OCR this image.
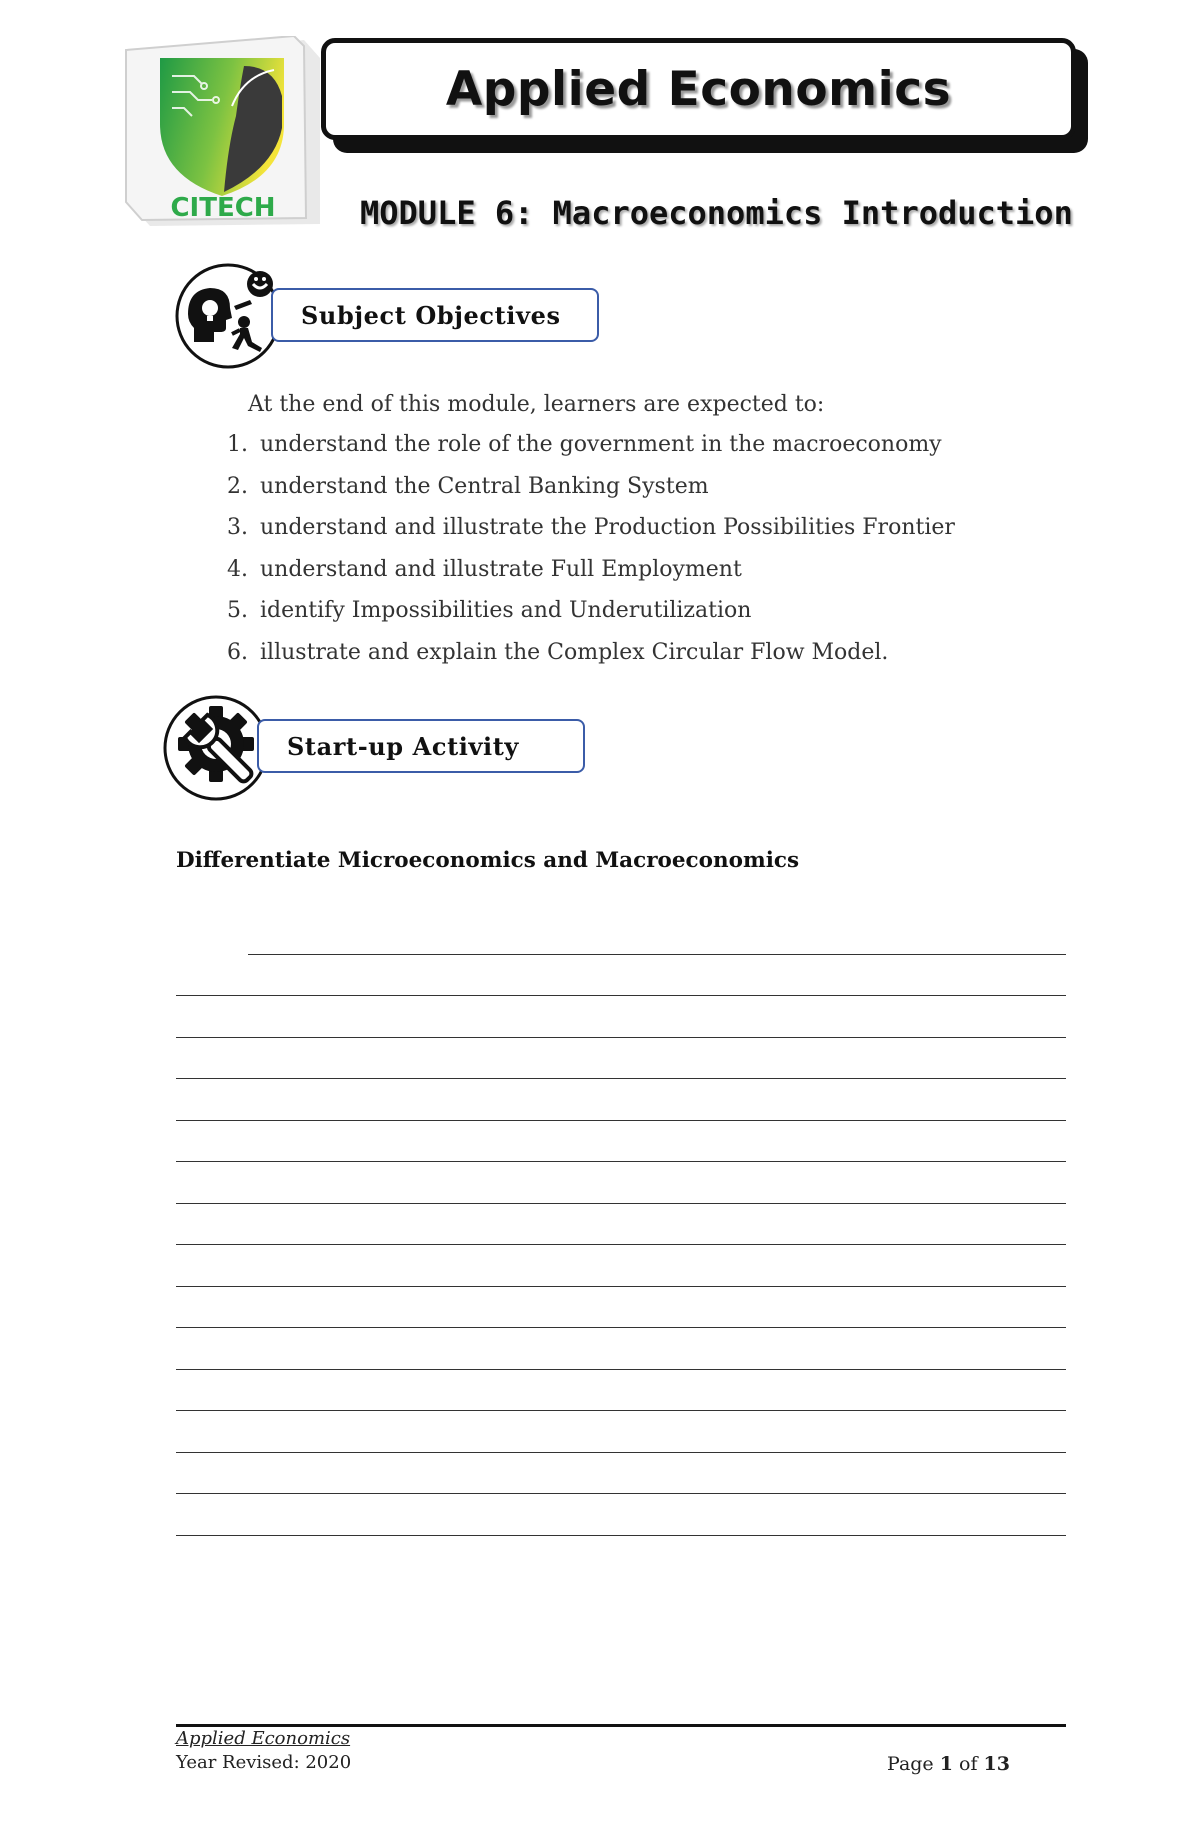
CITECH
Applied Economics
MODULE 6: Macroeconomics Introduction
Subject Objectives
At the end of this module, learners are expected to:
1. understand the role of the government in the macroeconomy
2. understand the Central Banking System
3. understand and illustrate the Production Possibilities Frontier
4. understand and illustrate Full Employment
5. identify Impossibilities and Underutilization
6. illustrate and explain the Complex Circular Flow Model.
Start-up Activity
Differentiate Microeconomics and Macroeconomics
Applied Economics
Year Revised: 2020	Page 1 of 13
